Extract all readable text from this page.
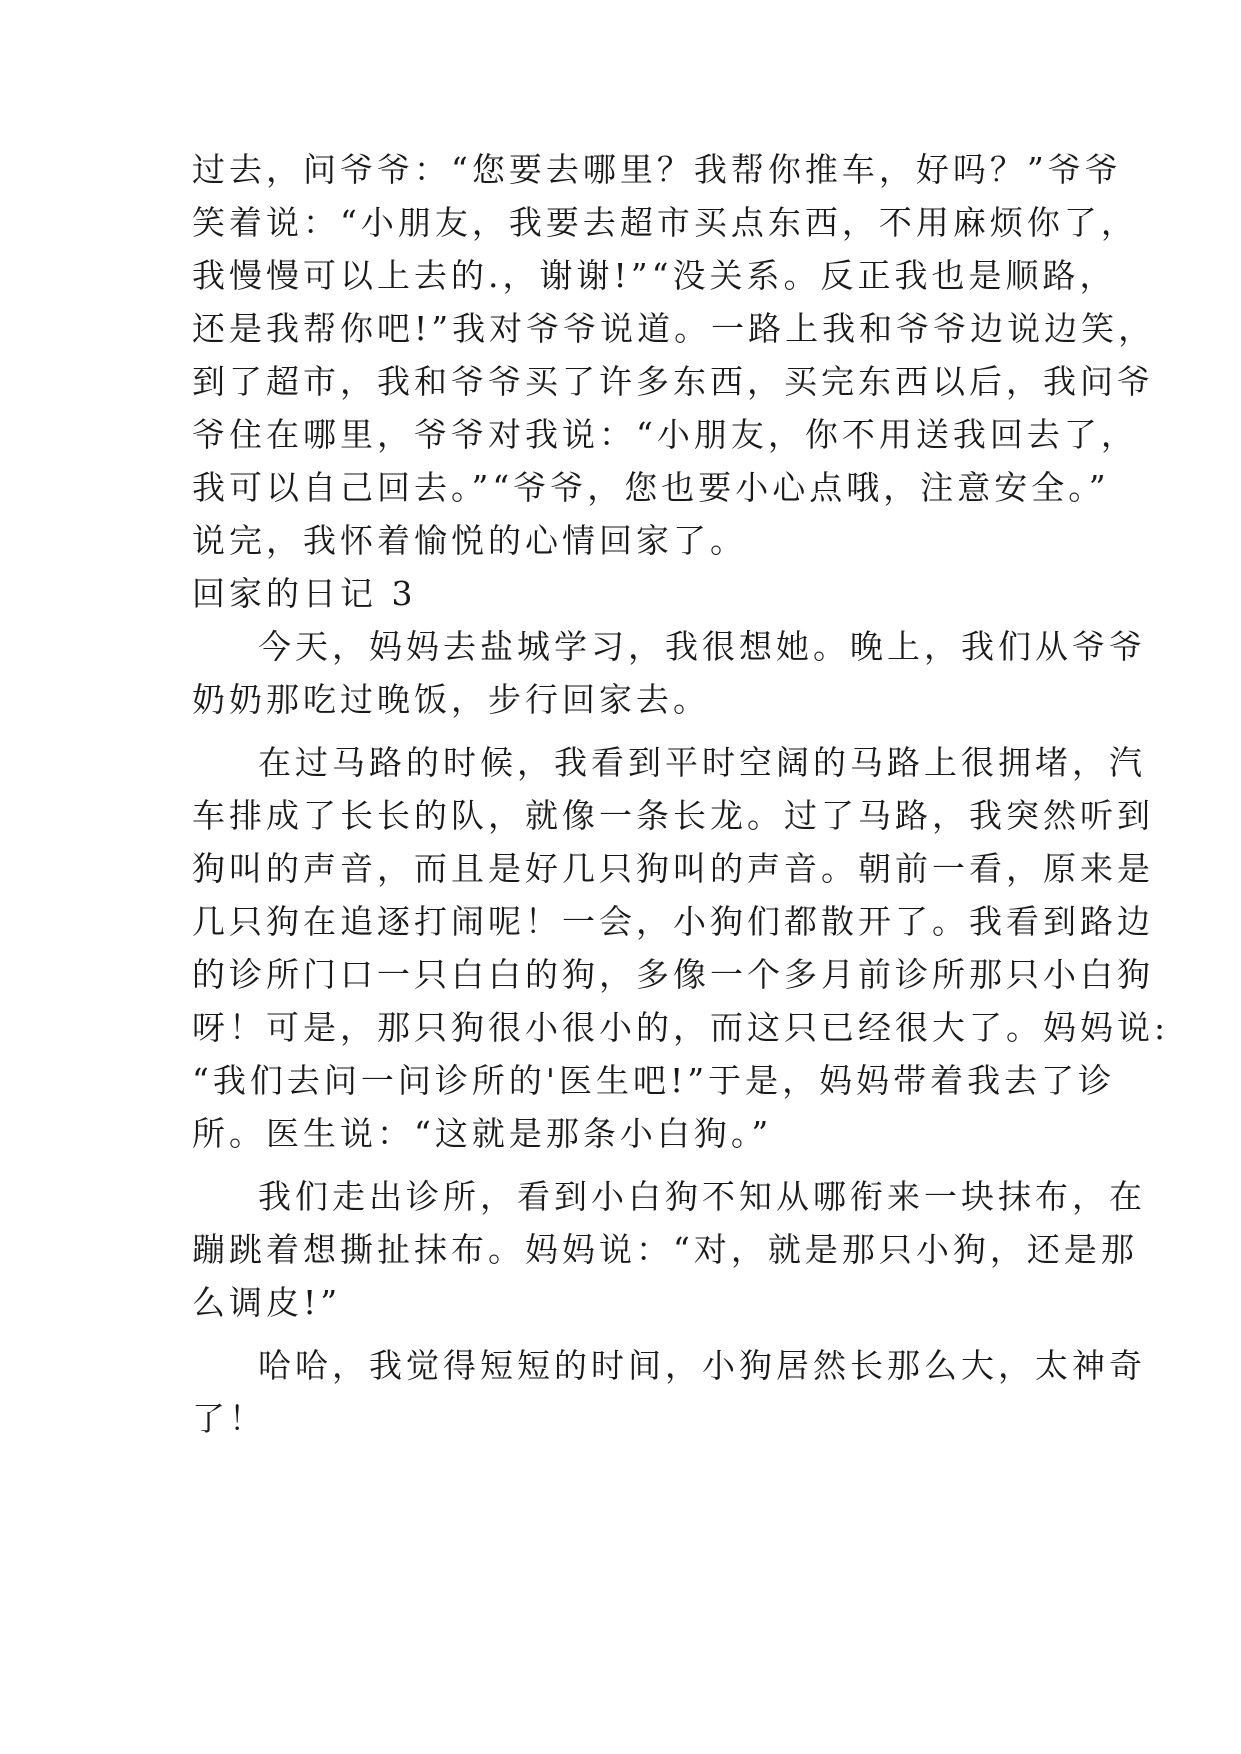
过去，问爷爷：“您要去哪里？我帮你推车，好吗？”爷爷

笑着说：“小朋友，我要去超市买点东西，不用麻烦你了，

我慢慢可以上去的.，谢谢!”“没关系。反正我也是顺路，

还是我帮你吧!”我对爷爷说道。一路上我和爷爷边说边笑，

到了超市，我和爷爷买了许多东西，买完东西以后，我问爷

爷住在哪里，爷爷对我说：“小朋友，你不用送我回去了，

我可以自己回去。”“爷爷，您也要小心点哦，注意安全。”

说完，我怀着愉悦的心情回家了。

回家的日记 3

今天，妈妈去盐城学习，我很想她。晚上，我们从爷爷

奶奶那吃过晚饭，步行回家去。

在过马路的时候，我看到平时空阔的马路上很拥堵，汽

车排成了长长的队，就像一条长龙。过了马路，我突然听到

狗叫的声音，而且是好几只狗叫的声音。朝前一看，原来是

几只狗在追逐打闹呢！一会，小狗们都散开了。我看到路边

的诊所门口一只白白的狗，多像一个多月前诊所那只小白狗

呀！可是，那只狗很小很小的，而这只已经很大了。妈妈说:

“我们去问一问诊所的'医生吧!”于是，妈妈带着我去了诊

所。医生说：“这就是那条小白狗。”

我们走出诊所，看到小白狗不知从哪衔来一块抹布，在

蹦跳着想撕扯抹布。妈妈说：“对，就是那只小狗，还是那

么调皮!”

哈哈，我觉得短短的时间，小狗居然长那么大，太神奇

了！
